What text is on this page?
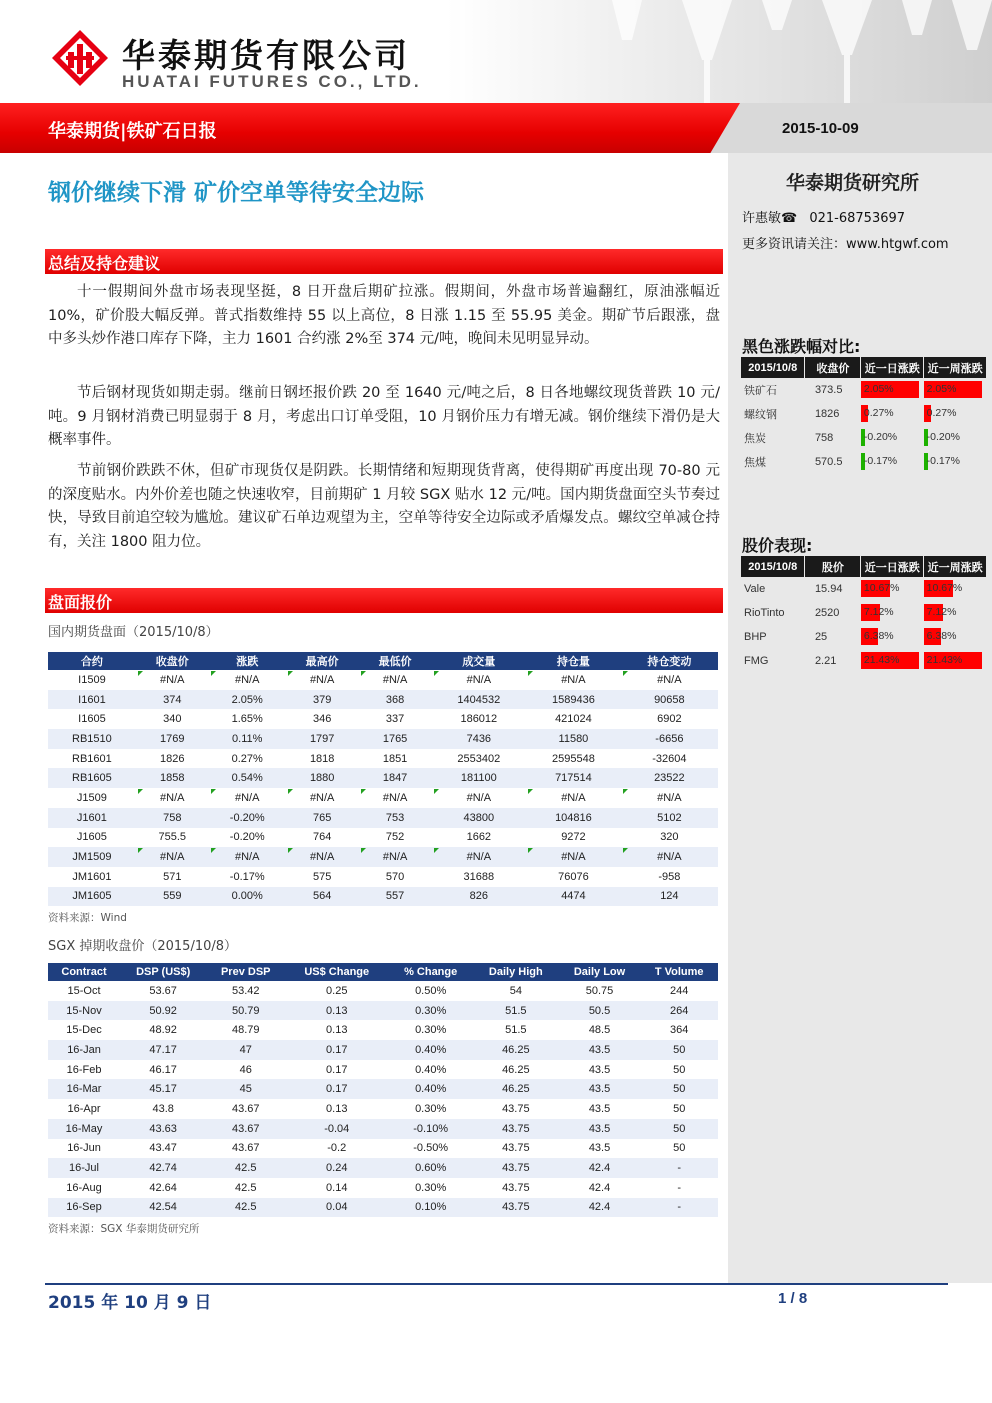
华泰期货有限公司
HUATAI FUTURES CO., LTD.
华泰期货|铁矿石日报	2015-10-09
钢价继续下滑 矿价空单等待安全边际
总结及持仓建议
十一假期间外盘市场表现坚挺，8 日开盘后期矿拉涨。假期间，外盘市场普遍翻红，原油涨幅近 10%，矿价股大幅反弹。普式指数维持 55 以上高位，8 日涨 1.15 至 55.95 美金。期矿节后跟涨，盘中多头炒作港口库存下降，主力 1601 合约涨 2%至 374 元/吨，晚间未见明显异动。
节后钢材现货如期走弱。继前日钢坯报价跌 20 至 1640 元/吨之后，8 日各地螺纹现货普跌 10 元/吨。9 月钢材消费已明显弱于 8 月，考虑出口订单受阻，10 月钢价压力有增无减。钢价继续下滑仍是大概率事件。
节前钢价跌跌不休，但矿市现货仅是阴跌。长期情绪和短期现货背离，使得期矿再度出现 70-80 元的深度贴水。内外价差也随之快速收窄，目前期矿 1 月较 SGX 贴水 12 元/吨。国内期货盘面空头节奏过快，导致目前追空较为尴尬。建议矿石单边观望为主，空单等待安全边际或矛盾爆发点。螺纹空单减仓持有，关注 1800 阻力位。
盘面报价
国内期货盘面（2015/10/8）
合约	收盘价	涨跌	最高价	最低价	成交量	持仓量	持仓变动
I1509	#N/A	#N/A	#N/A	#N/A	#N/A	#N/A	#N/A

I1601	374	2.05%	379	368	1404532	1589436	90658
I1605	340	1.65%	346	337	186012	421024	6902
RB1510	1769	0.11%	1797	1765	7436	11580	-6656
RB1601	1826	0.27%	1818	1851	2553402	2595548	-32604
RB1605	1858	0.54%	1880	1847	181100	717514	23522
J1509	#N/A	#N/A	#N/A	#N/A	#N/A	#N/A	#N/A

J1601	758	-0.20%	765	753	43800	104816	5102
J1605	755.5	-0.20%	764	752	1662	9272	320
JM1509	#N/A	#N/A	#N/A	#N/A	#N/A	#N/A	#N/A

JM1601	571	-0.17%	575	570	31688	76076	-958
JM1605	559	0.00%	564	557	826	4474	124
资料来源：Wind
SGX 掉期收盘价（2015/10/8）
Contract	DSP (US$)	Prev DSP	US$ Change	% Change	Daily High	Daily Low	T Volume
15-Oct	53.67	53.42	0.25	0.50%	54	50.75	244
15-Nov	50.92	50.79	0.13	0.30%	51.5	50.5	264
15-Dec	48.92	48.79	0.13	0.30%	51.5	48.5	364
16-Jan	47.17	47	0.17	0.40%	46.25	43.5	50
16-Feb	46.17	46	0.17	0.40%	46.25	43.5	50
16-Mar	45.17	45	0.17	0.40%	46.25	43.5	50
16-Apr	43.8	43.67	0.13	0.30%	43.75	43.5	50
16-May	43.63	43.67	-0.04	-0.10%	43.75	43.5	50
16-Jun	43.47	43.67	-0.2	-0.50%	43.75	43.5	50
16-Jul	42.74	42.5	0.24	0.60%	43.75	42.4	-
16-Aug	42.64	42.5	0.14	0.30%	43.75	42.4	-
16-Sep	42.54	42.5	0.04	0.10%	43.75	42.4	-
资料来源：SGX 华泰期货研究所
华泰期货研究所
许惠敏☎ 021-68753697
更多资讯请关注：www.htgwf.com
黑色涨跌幅对比:
2015/10/8	收盘价	近一日涨跌	近一周涨跌
铁矿石	373.5	2.05%	2.05%

螺纹钢	1826	0.27%	0.27%

焦炭	758	-0.20%	-0.20%

焦煤	570.5	-0.17%	-0.17%
股价表现:
2015/10/8	股价	近一日涨跌	近一周涨跌
Vale	15.94	10.67%	10.67%

RioTinto	2520	7.12%	7.12%

BHP	25	6.38%	6.38%

FMG	2.21	21.43%	21.43%
2015 年 10 月 9 日	1 / 8
